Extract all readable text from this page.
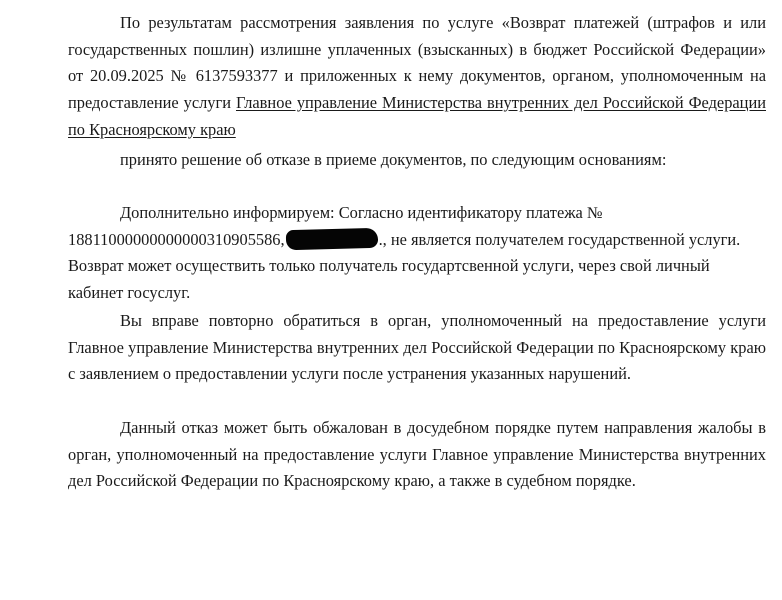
По результатам рассмотрения заявления по услуге «Возврат платежей (штрафов и или государственных пошлин) излишне уплаченных (взысканных) в бюджет Российской Федерации» от 20.09.2025 № 6137593377 и приложенных к нему документов, органом, уполномоченным на предоставление услуги Главное управление Министерства внутренних дел Российской Федерации по Красноярскому краю

принято решение об отказе в приеме документов, по следующим основаниям:

Дополнительно информируем: Согласно идентификатору платежа № 18811000000000000310905586,	., не является получателем государственной услуги. Возврат может осуществить только получатель государтсвенной услуги, через свой личный кабинет госуслуг.

Вы вправе повторно обратиться в орган, уполномоченный на предоставление услуги Главное управление Министерства внутренних дел Российской Федерации по Красноярскому краю с заявлением о предоставлении услуги после устранения указанных нарушений.

Данный отказ может быть обжалован в досудебном порядке путем направления жалобы в орган, уполномоченный на предоставление услуги Главное управление Министерства внутренних дел Российской Федерации по Красноярскому краю, а также в судебном порядке.
